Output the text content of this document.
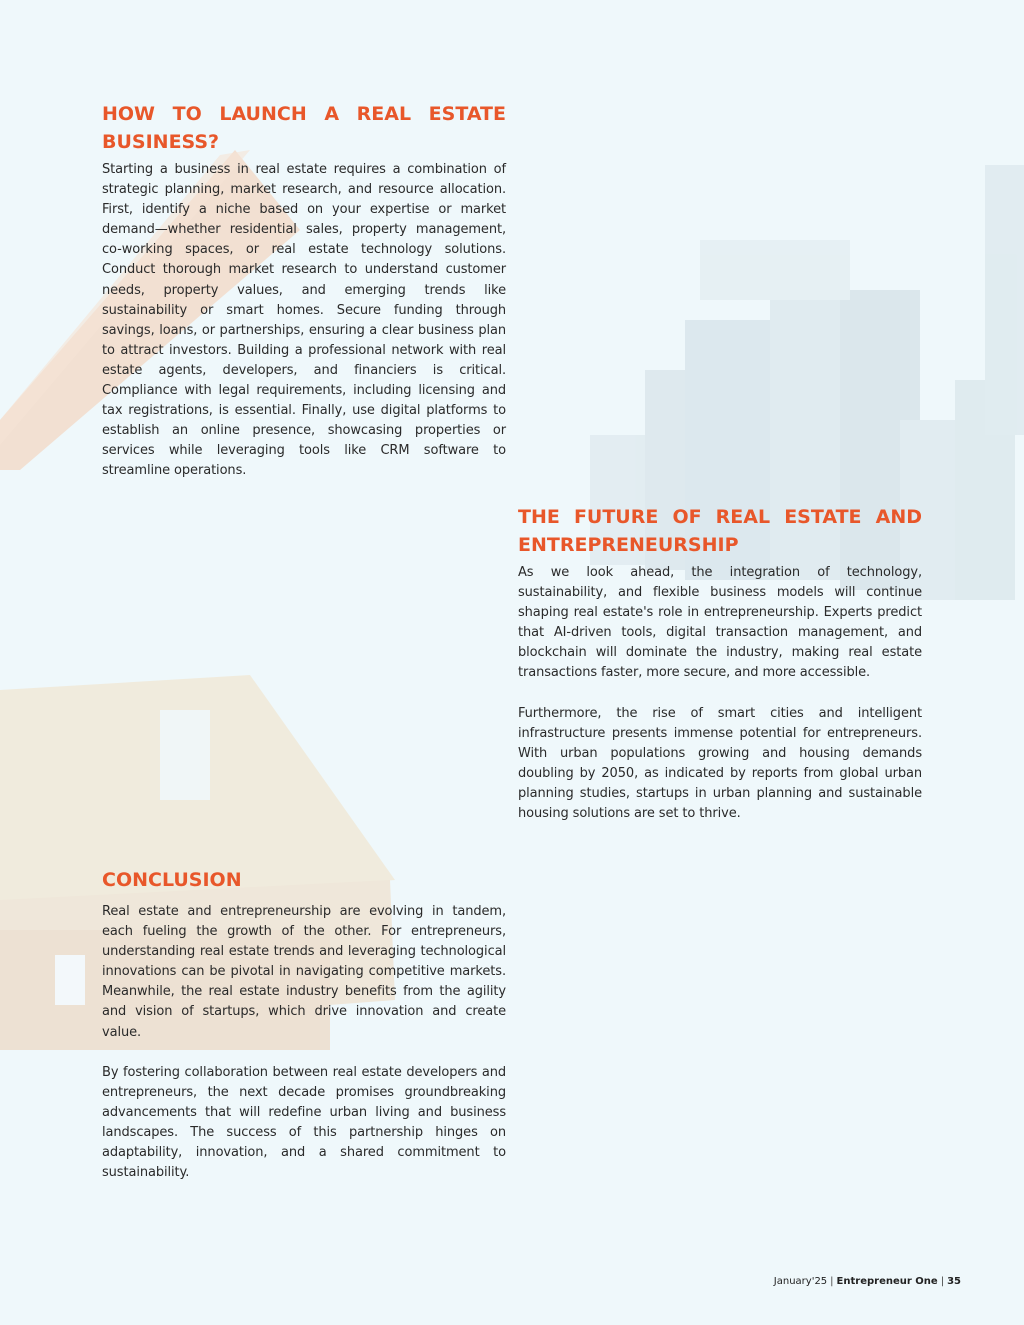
HOW TO LAUNCH A REAL ESTATE BUSINESS?

Starting a business in real estate requires a combination of strategic planning, market research, and resource allocation. First, identify a niche based on your expertise or market demand—whether residential sales, property management, co-working spaces, or real estate technology solutions. Conduct thorough market research to understand customer needs, property values, and emerging trends like sustainability or smart homes. Secure funding through savings, loans, or partnerships, ensuring a clear business plan to attract investors. Building a professional network with real estate agents, developers, and financiers is critical. Compliance with legal requirements, including licensing and tax registrations, is essential. Finally, use digital platforms to establish an online presence, showcasing properties or services while leveraging tools like CRM software to streamline operations.

THE FUTURE OF REAL ESTATE AND ENTREPRENEURSHIP

As we look ahead, the integration of technology, sustainability, and flexible business models will continue shaping real estate's role in entrepreneurship. Experts predict that AI-driven tools, digital transaction management, and blockchain will dominate the industry, making real estate transactions faster, more secure, and more accessible.

Furthermore, the rise of smart cities and intelligent infrastructure presents immense potential for entrepreneurs. With urban populations growing and housing demands doubling by 2050, as indicated by reports from global urban planning studies, startups in urban planning and sustainable housing solutions are set to thrive.

CONCLUSION

Real estate and entrepreneurship are evolving in tandem, each fueling the growth of the other. For entrepreneurs, understanding real estate trends and leveraging technological innovations can be pivotal in navigating competitive markets. Meanwhile, the real estate industry benefits from the agility and vision of startups, which drive innovation and create value.

By fostering collaboration between real estate developers and entrepreneurs, the next decade promises groundbreaking advancements that will redefine urban living and business landscapes. The success of this partnership hinges on adaptability, innovation, and a shared commitment to sustainability.

January'25 | Entrepreneur One | 35
